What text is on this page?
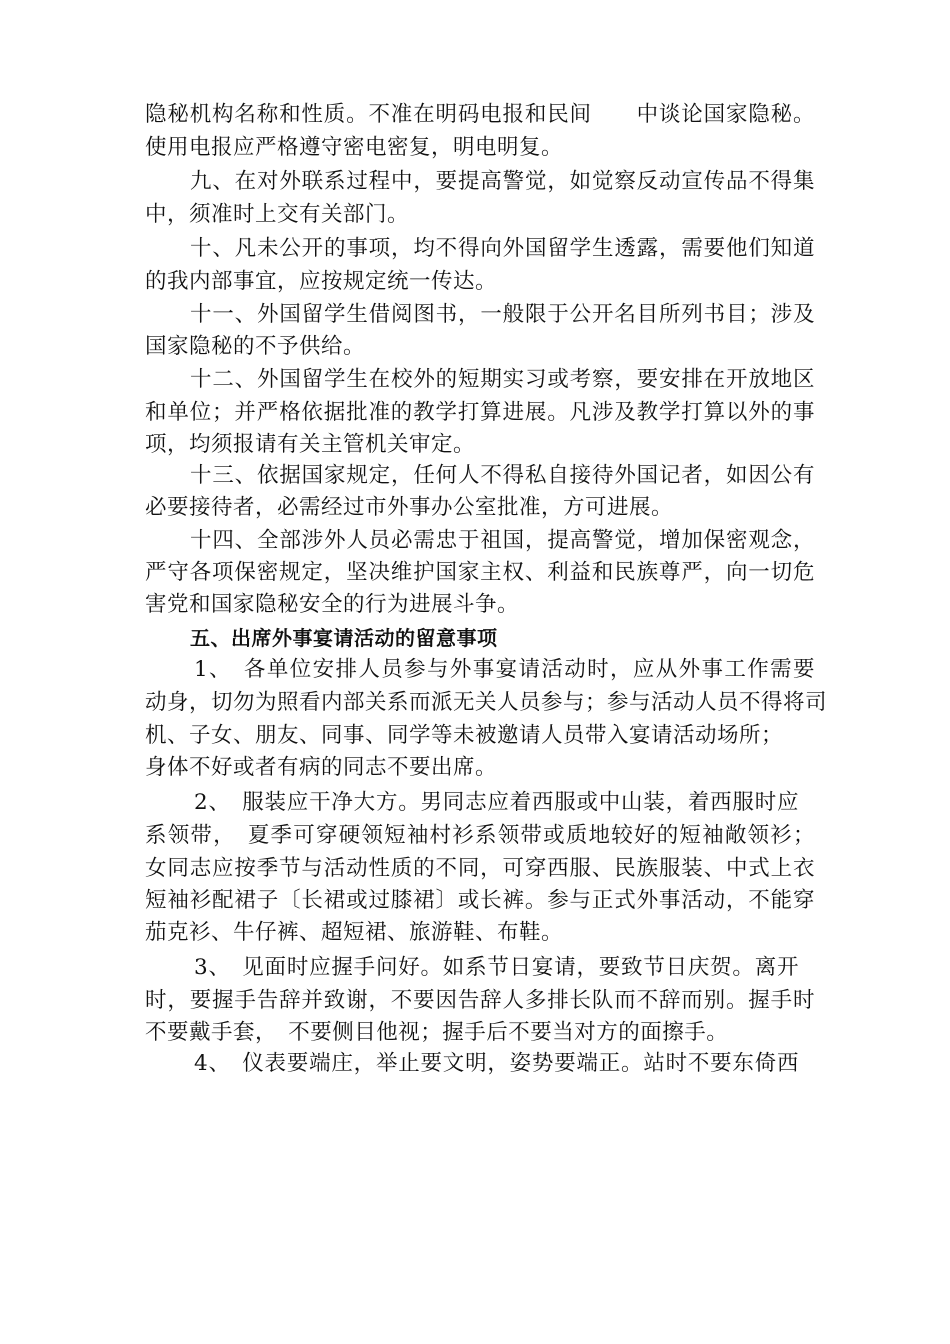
隐秘机构名称和性质。不准在明码电报和民间　　中谈论国家隐秘。
使用电报应严格遵守密电密复，明电明复。
九、在对外联系过程中，要提高警觉，如觉察反动宣传品不得集
中，须准时上交有关部门。
十、凡未公开的事项，均不得向外国留学生透露，需要他们知道
的我内部事宜，应按规定统一传达。
十一、外国留学生借阅图书，一般限于公开名目所列书目；涉及
国家隐秘的不予供给。
十二、外国留学生在校外的短期实习或考察，要安排在开放地区
和单位；并严格依据批准的教学打算进展。凡涉及教学打算以外的事
项，均须报请有关主管机关审定。
十三、依据国家规定，任何人不得私自接待外国记者，如因公有
必要接待者，必需经过市外事办公室批准，方可进展。
十四、全部涉外人员必需忠于祖国，提高警觉，增加保密观念，
严守各项保密规定，坚决维护国家主权、利益和民族尊严，向一切危
害党和国家隐秘安全的行为进展斗争。
五、出席外事宴请活动的留意事项
1、　各单位安排人员参与外事宴请活动时，应从外事工作需要
动身，切勿为照看内部关系而派无关人员参与；参与活动人员不得将司
机、子女、朋友、同事、同学等未被邀请人员带入宴请活动场所；
身体不好或者有病的同志不要出席。
2、　服装应干净大方。男同志应着西服或中山装，着西服时应
系领带，　夏季可穿硬领短袖村衫系领带或质地较好的短袖敞领衫；
女同志应按季节与活动性质的不同，可穿西服、民族服装、中式上衣
短袖衫配裙子〔长裙或过膝裙〕或长裤。参与正式外事活动，不能穿
茄克衫、牛仔裤、超短裙、旅游鞋、布鞋。
3、　见面时应握手问好。如系节日宴请，要致节日庆贺。离开
时，要握手告辞并致谢，不要因告辞人多排长队而不辞而别。握手时
不要戴手套，　不要侧目他视；握手后不要当对方的面擦手。
4、　仪表要端庄，举止要文明，姿势要端正。站时不要东倚西
